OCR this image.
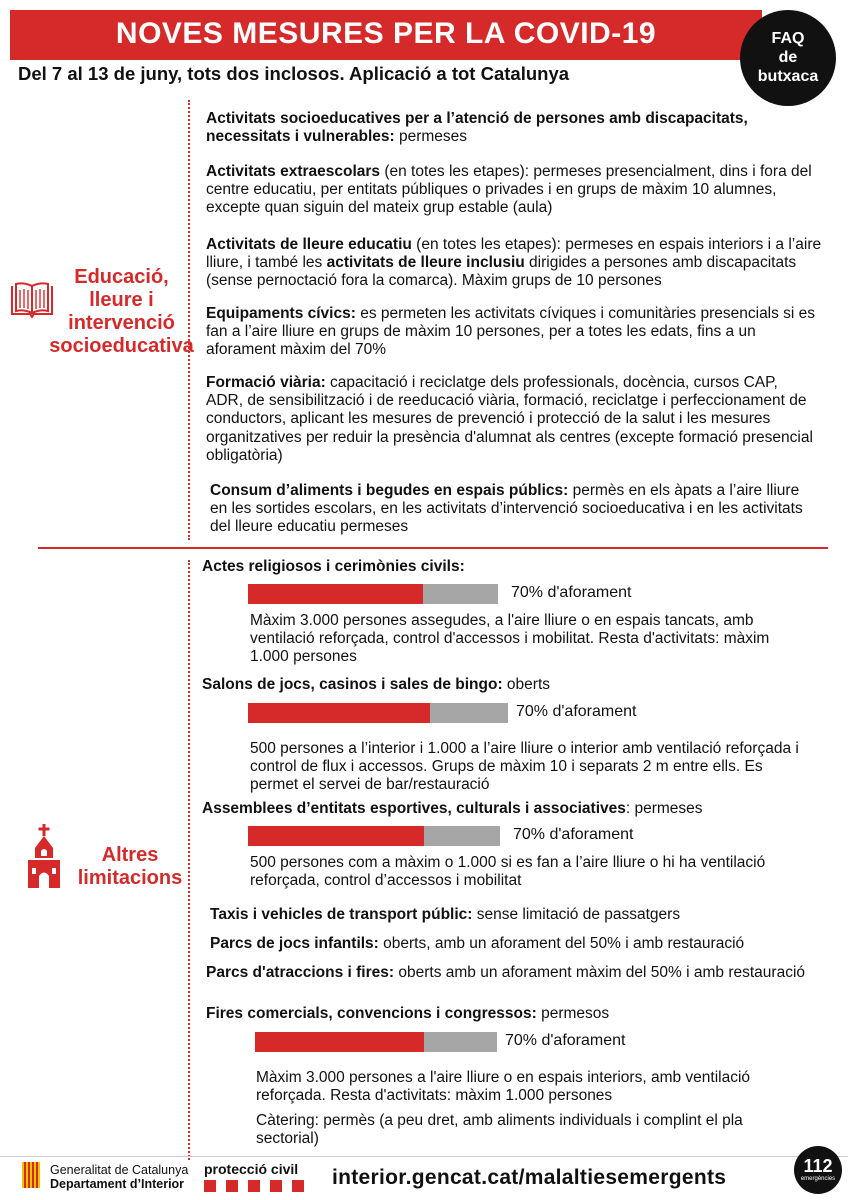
NOVES MESURES PER LA COVID-19
Del 7 al 13 de juny, tots dos inclosos. Aplicació a tot Catalunya
FAQ
de
butxaca
Educació,
lleure i
intervenció
socioeducativa
Activitats socioeducatives per a l’atenció de persones amb discapacitats, necessitats i vulnerables: permeses
Activitats extraescolars (en totes les etapes): permeses presencialment, dins i fora del centre educatiu, per entitats públiques o privades i en grups de màxim 10 alumnes, excepte quan siguin del mateix grup estable (aula)
Activitats de lleure educatiu (en totes les etapes): permeses en espais interiors i a l’aire lliure, i també les activitats de lleure inclusiu dirigides a persones amb discapacitats (sense pernoctació fora la comarca). Màxim grups de 10 persones
Equipaments cívics: es permeten les activitats cíviques i comunitàries presencials si es fan a l’aire lliure en grups de màxim 10 persones, per a totes les edats, fins a un aforament màxim del 70%
Formació viària: capacitació i reciclatge dels professionals, docència, cursos CAP, ADR, de sensibilització i de reeducació viària, formació, reciclatge i perfeccionament de conductors, aplicant les mesures de prevenció i protecció de la salut i les mesures organitzatives per reduir la presència d'alumnat als centres (excepte formació presencial obligatòria)
Consum d’aliments i begudes en espais públics: permès en els àpats a l’aire lliure en les sortides escolars, en les activitats d’intervenció socioeducativa i en les activitats del lleure educatiu permeses
Altres
limitacions
Actes religiosos i cerimònies civils:
70% d'aforament
Màxim 3.000 persones assegudes, a l'aire lliure o en espais tancats, amb ventilació reforçada, control d'accessos i mobilitat. Resta d'activitats: màxim 1.000 persones
Salons de jocs, casinos i sales de bingo: oberts
70% d'aforament
500 persones a l’interior i 1.000 a l’aire lliure o interior amb ventilació reforçada i control de flux i accessos. Grups de màxim 10 i separats 2 m entre ells. Es permet el servei de bar/restauració
Assemblees d’entitats esportives, culturals i associatives: permeses
70% d'aforament
500 persones com a màxim o 1.000 si es fan a l’aire lliure o hi ha ventilació reforçada, control d’accessos i mobilitat
Taxis i vehicles de transport públic: sense limitació de passatgers
Parcs de jocs infantils: oberts, amb un aforament del 50% i amb restauració
Parcs d'atraccions i fires: oberts amb un aforament màxim del 50% i amb restauració
Fires comercials, convencions i congressos: permesos
70% d'aforament
Màxim 3.000 persones a l'aire lliure o en espais interiors, amb ventilació reforçada. Resta d'activitats: màxim 1.000 persones
Càtering: permès (a peu dret, amb aliments individuals i complint el pla sectorial)
Generalitat de Catalunya
Departament d’Interior
protecció civil interior.gencat.cat/malaltiesemergents	112
emergències
